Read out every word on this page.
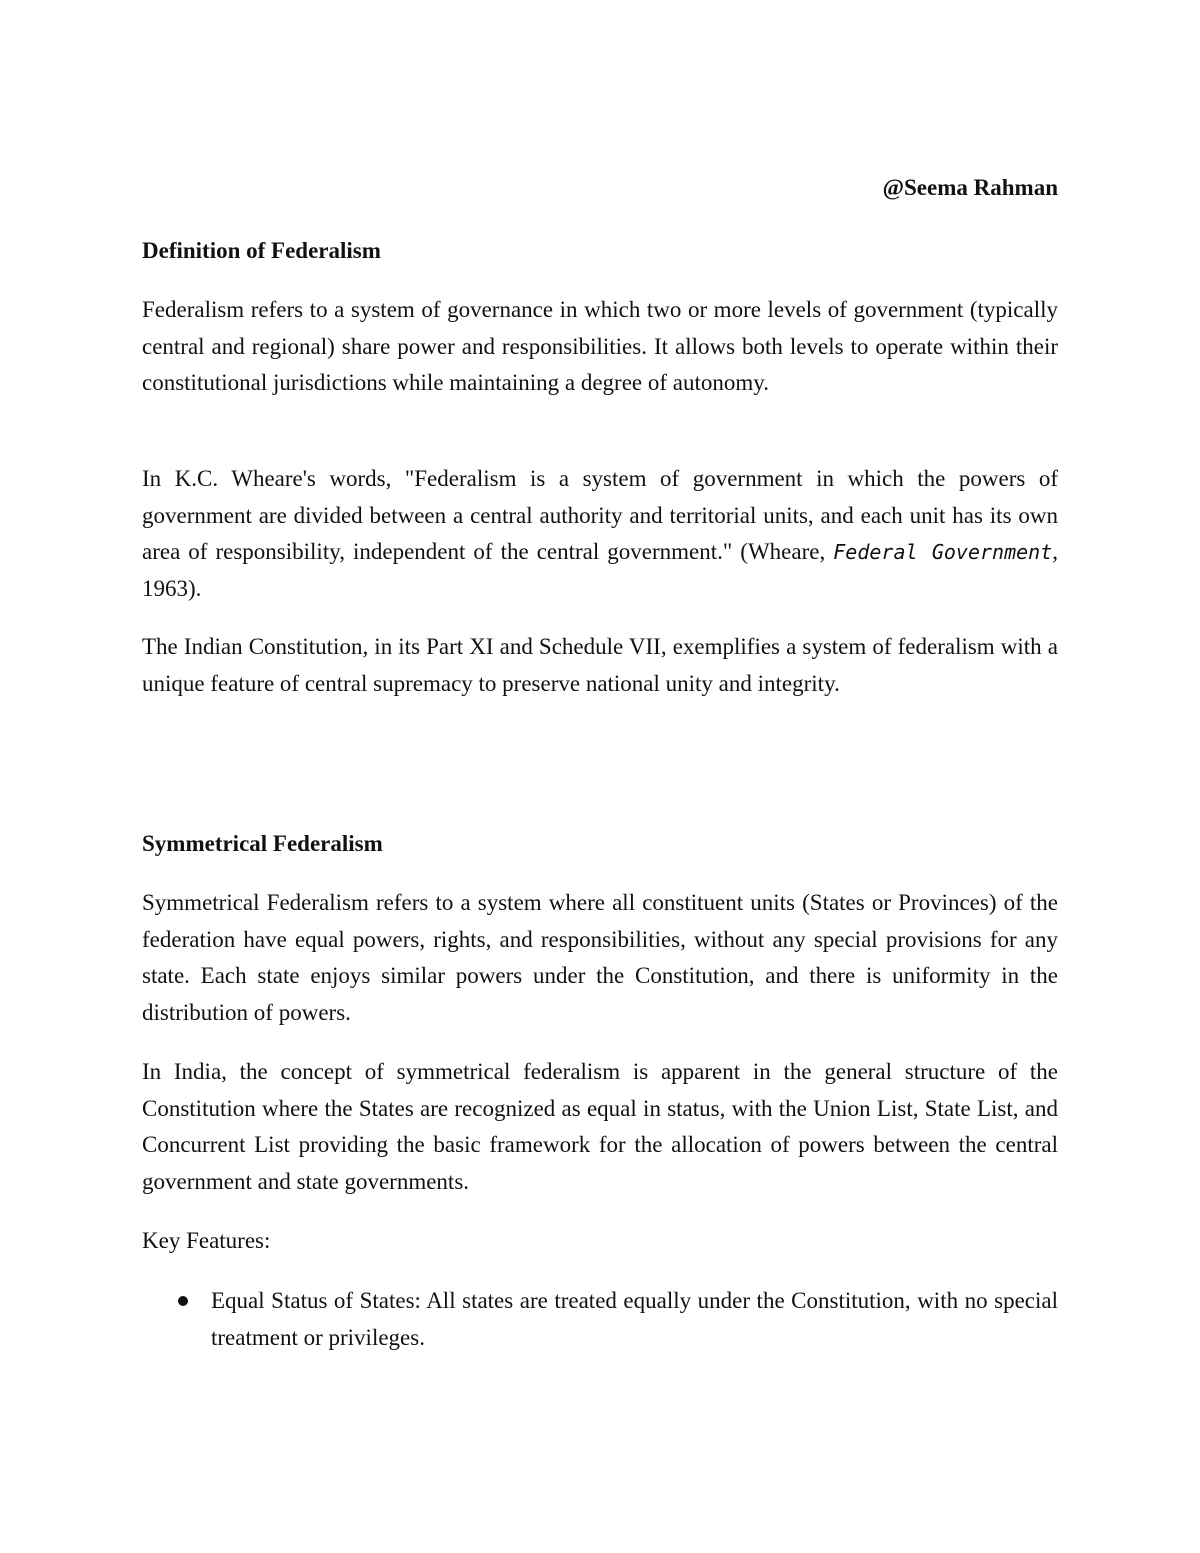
@Seema Rahman
Definition of Federalism

Federalism refers to a system of governance in which two or more levels of government (typically central and regional) share power and responsibilities. It allows both levels to operate within their constitutional jurisdictions while maintaining a degree of autonomy.

In K.C. Wheare's words, "Federalism is a system of government in which the powers of government are divided between a central authority and territorial units, and each unit has its own area of responsibility, independent of the central government." (Wheare, Federal Government, 1963).

The Indian Constitution, in its Part XI and Schedule VII, exemplifies a system of federalism with a unique feature of central supremacy to preserve national unity and integrity.

Symmetrical Federalism

Symmetrical Federalism refers to a system where all constituent units (States or Provinces) of the federation have equal powers, rights, and responsibilities, without any special provisions for any state. Each state enjoys similar powers under the Constitution, and there is uniformity in the distribution of powers.

In India, the concept of symmetrical federalism is apparent in the general structure of the Constitution where the States are recognized as equal in status, with the Union List, State List, and Concurrent List providing the basic framework for the allocation of powers between the central government and state governments.

Key Features:

Equal Status of States: All states are treated equally under the Constitution, with no special treatment or privileges.
